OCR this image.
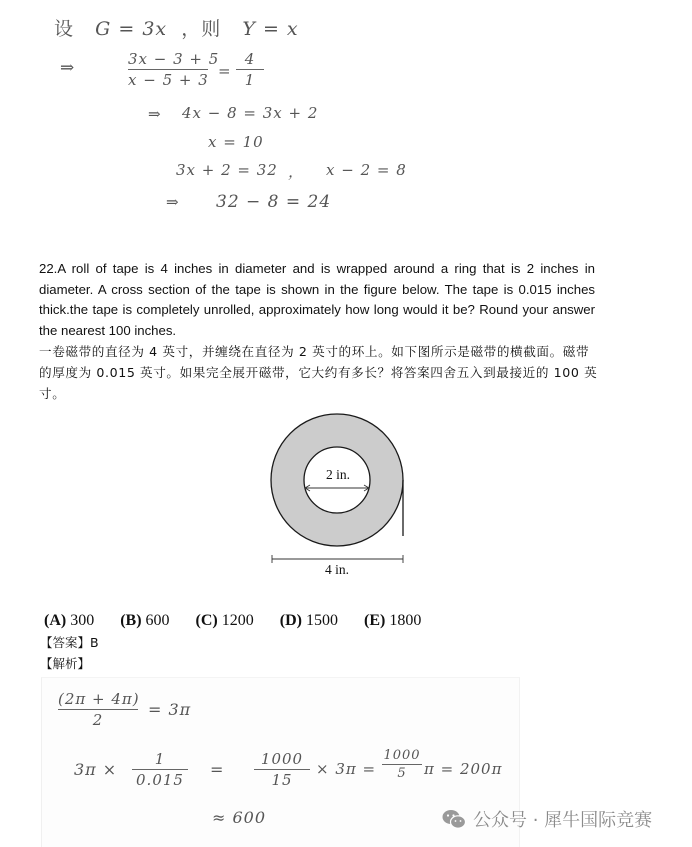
设 G = 3x ，则 Y = x
⇒	3x − 3 + 5
x − 5 + 3 =
4
1
⇒ 4x − 8 = 3x + 2
x = 10
3x + 2 = 32 ， x − 2 = 8
⇒ 32 − 8 = 24

22.A roll of tape is 4 inches in diameter and is wrapped around a ring that is 2 inches in diameter. A cross section of the tape is shown in the figure below. The tape is 0.015 inches thick.the tape is completely unrolled, approximately how long would it be? Round your answer the nearest 100 inches.

一卷磁带的直径为 4 英寸，并缠绕在直径为 2 英寸的环上。如下图所示是磁带的横截面。磁带的厚度为 0.015 英寸。如果完全展开磁带，它大约有多长？将答案四舍五入到最接近的 100 英寸。

2 in.
4 in.
(A) 300 (B) 600 (C) 1200 (D) 1500 (E) 1800
【答案】B
【解析】
(2π + 4π)
2
= 3π
3π ×
1
0.015
=
1000
15
× 3π =
1000
5	π = 200π
≈ 600	公众号 · 犀牛国际竞赛
